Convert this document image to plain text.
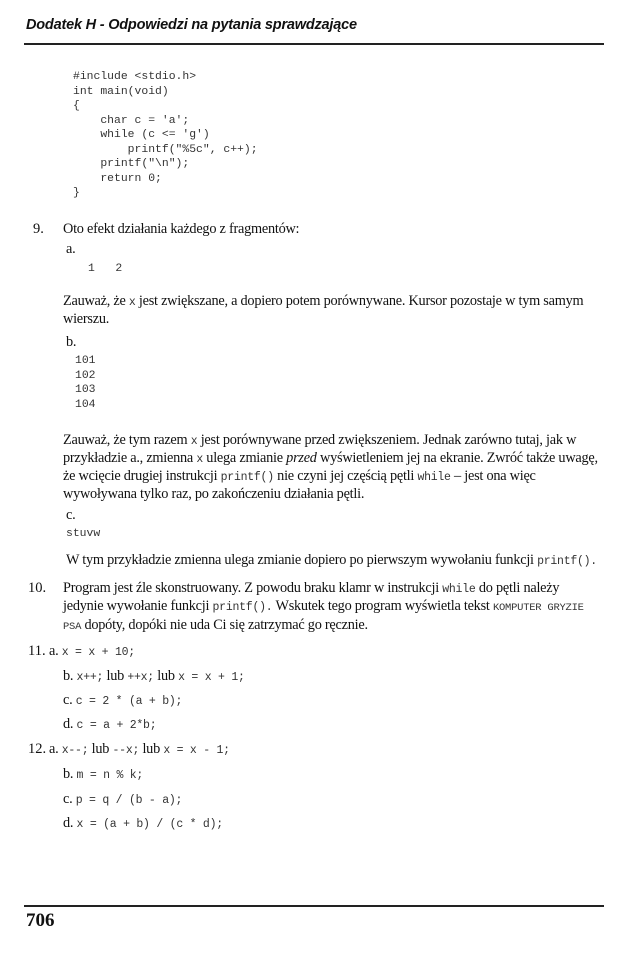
Dodatek H - Odpowiedzi na pytania sprawdzające
#include <stdio.h>
int main(void)
{
char c = 'a';
while (c <= 'g')
printf("%5c", c++);
printf("\n");
return 0;
}
9. Oto efekt działania każdego z fragmentów:
a.
1   2
Zauważ, że x jest zwiększane, a dopiero potem porównywane. Kursor pozostaje w tym samym wierszu.
b.
101
102
103
104
Zauważ, że tym razem x jest porównywane przed zwiększeniem. Jednak zarówno tutaj, jak w przykładzie a., zmienna x ulega zmianie przed wyświetleniem jej na ekranie. Zwróć także uwagę, że wcięcie drugiej instrukcji printf() nie czyni jej częścią pętli while – jest ona więc wywoływana tylko raz, po zakończeniu działania pętli.
c.
stuvw
W tym przykładzie zmienna ulega zmianie dopiero po pierwszym wywołaniu funkcji printf().
10. Program jest źle skonstruowany. Z powodu braku klamr w instrukcji while do pętli należy jedynie wywołanie funkcji printf(). Wskutek tego program wyświetla tekst KOMPUTER GRYZIE PSA dopóty, dopóki nie uda Ci się zatrzymać go ręcznie.
11. a. x = x + 10;
b. x++; lub ++x; lub x = x + 1;
c. c = 2 * (a + b);
d. c = a + 2*b;
12. a. x--; lub --x; lub x = x - 1;
b. m = n % k;
c. p = q / (b - a);
d. x = (a + b) / (c * d);
706
